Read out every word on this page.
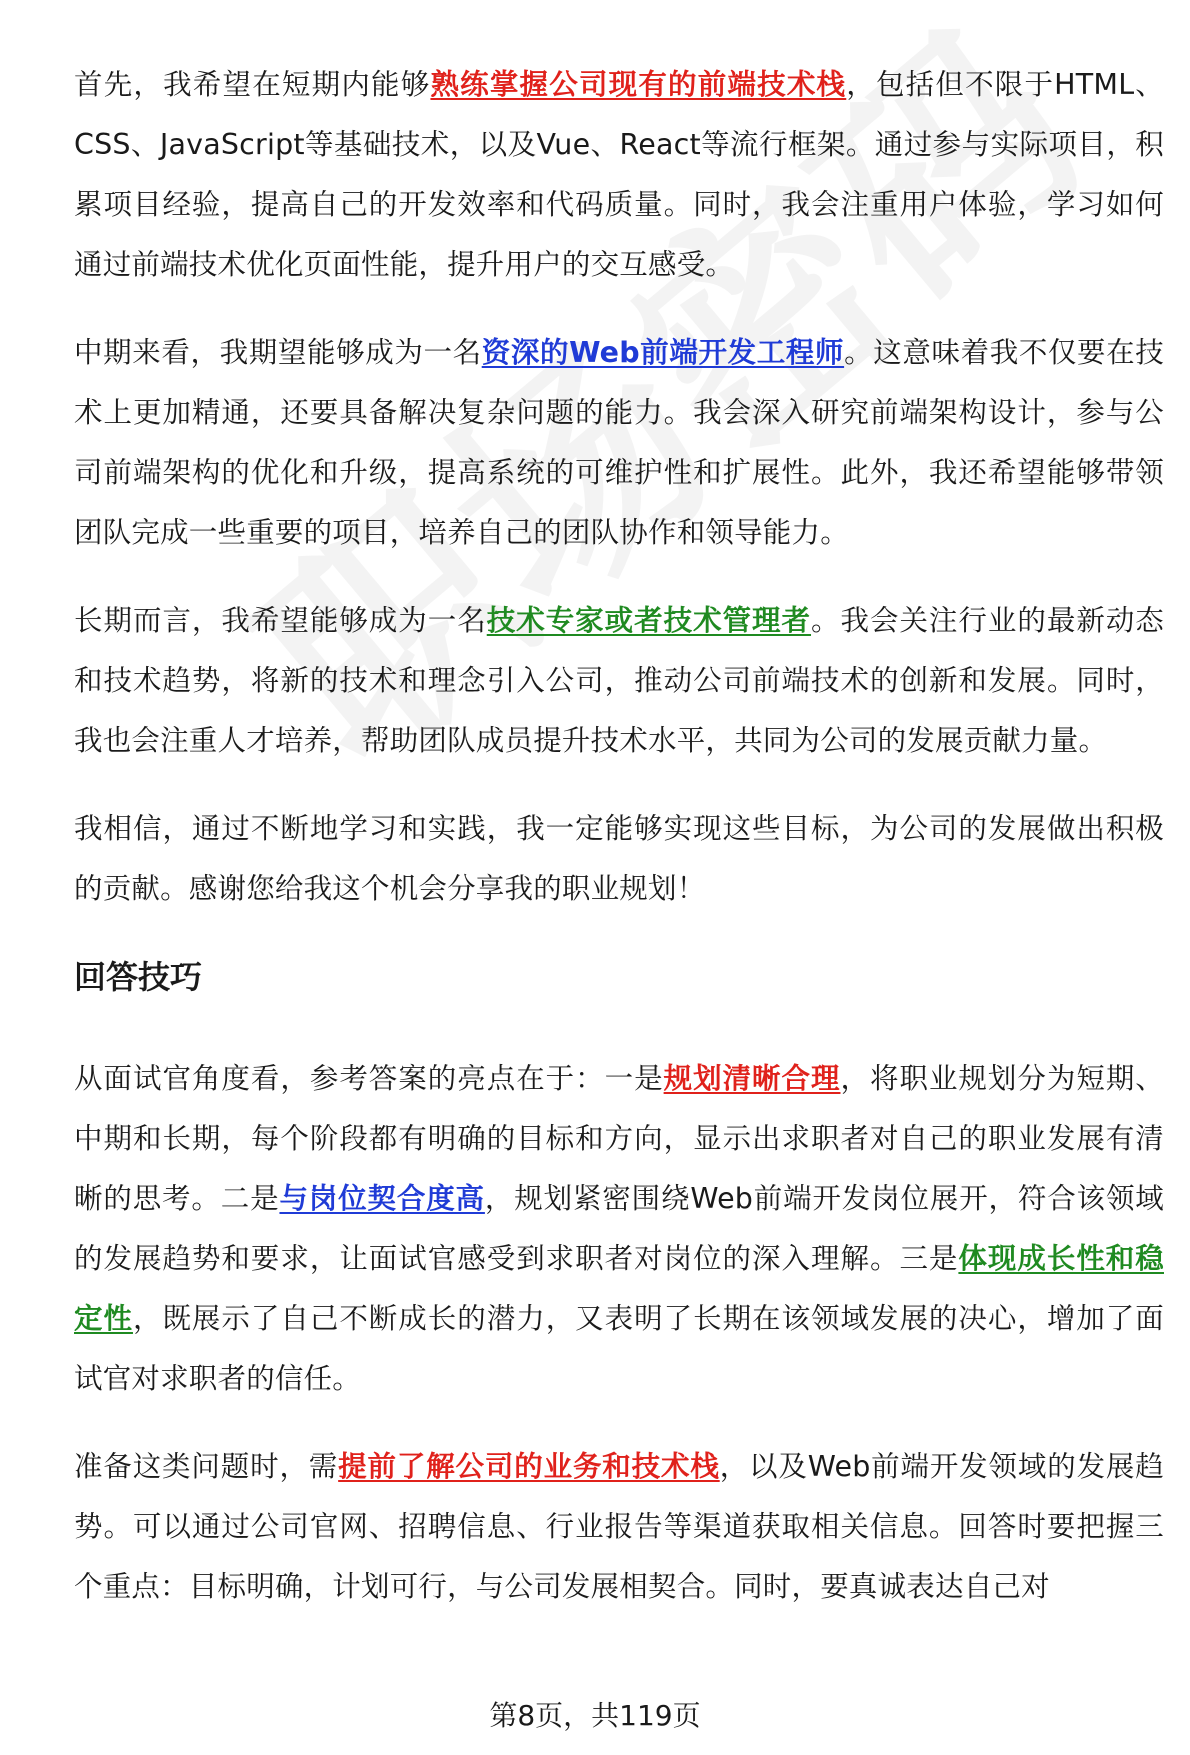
首先，我希望在短期内能够熟练掌握公司现有的前端技术栈，包括但不限于HTML、CSS、JavaScript等基础技术，以及Vue、React等流行框架。通过参与实际项目，积累项目经验，提高自己的开发效率和代码质量。同时，我会注重用户体验，学习如何通过前端技术优化页面性能，提升用户的交互感受。

中期来看，我期望能够成为一名资深的Web前端开发工程师。这意味着我不仅要在技术上更加精通，还要具备解决复杂问题的能力。我会深入研究前端架构设计，参与公司前端架构的优化和升级，提高系统的可维护性和扩展性。此外，我还希望能够带领团队完成一些重要的项目，培养自己的团队协作和领导能力。

长期而言，我希望能够成为一名技术专家或者技术管理者。我会关注行业的最新动态和技术趋势，将新的技术和理念引入公司，推动公司前端技术的创新和发展。同时，我也会注重人才培养，帮助团队成员提升技术水平，共同为公司的发展贡献力量。

我相信，通过不断地学习和实践，我一定能够实现这些目标，为公司的发展做出积极的贡献。感谢您给我这个机会分享我的职业规划！

回答技巧

从面试官角度看，参考答案的亮点在于：一是规划清晰合理，将职业规划分为短期、中期和长期，每个阶段都有明确的目标和方向，显示出求职者对自己的职业发展有清晰的思考。二是与岗位契合度高，规划紧密围绕Web前端开发岗位展开，符合该领域的发展趋势和要求，让面试官感受到求职者对岗位的深入理解。三是体现成长性和稳定性，既展示了自己不断成长的潜力，又表明了长期在该领域发展的决心，增加了面试官对求职者的信任。

准备这类问题时，需提前了解公司的业务和技术栈，以及Web前端开发领域的发展趋势。可以通过公司官网、招聘信息、行业报告等渠道获取相关信息。回答时要把握三个重点：目标明确，计划可行，与公司发展相契合。同时，要真诚表达自己对

第8页，共119页
